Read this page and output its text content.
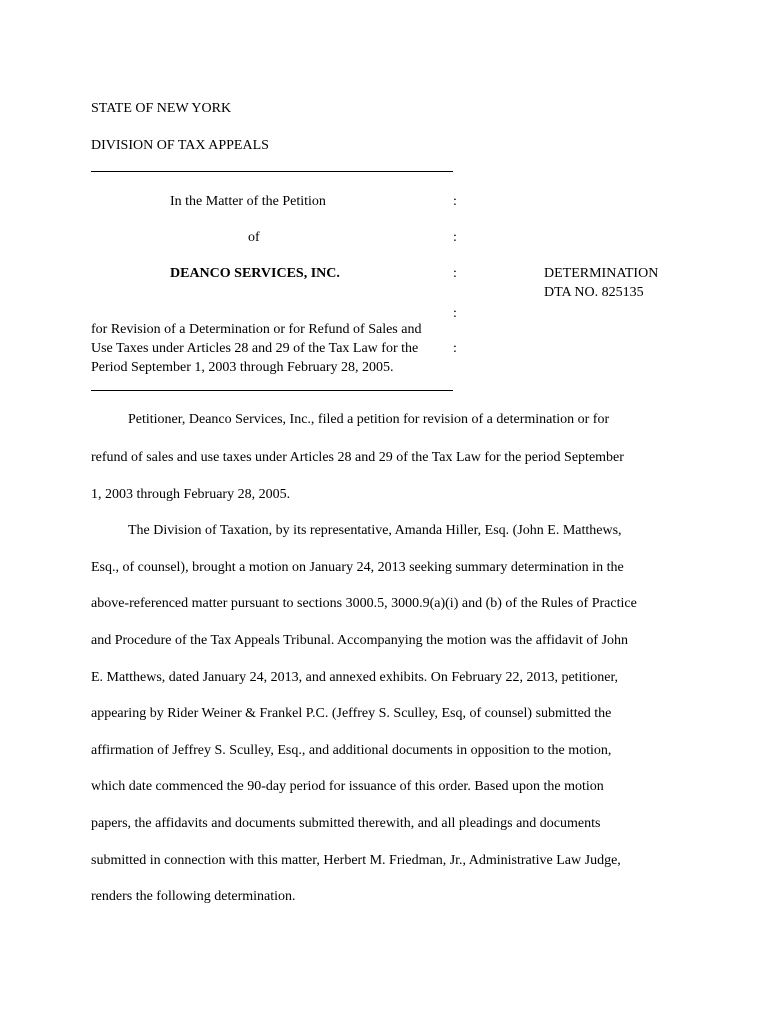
STATE OF NEW YORK
DIVISION OF TAX APPEALS
In the Matter of the Petition	:
of	:
DEANCO SERVICES, INC.	:	DETERMINATION
DTA NO. 825135
:
for Revision of a Determination or for Refund of Sales and
Use Taxes under Articles 28 and 29 of the Tax Law for the :
Period September 1, 2003 through February 28, 2005.
Petitioner, Deanco Services, Inc., filed a petition for revision of a determination or for
refund of sales and use taxes under Articles 28 and 29 of the Tax Law for the period September
1, 2003 through February 28, 2005.
The Division of Taxation, by its representative, Amanda Hiller, Esq. (John E. Matthews,
Esq., of counsel), brought a motion on January 24, 2013 seeking summary determination in the
above-referenced matter pursuant to sections 3000.5, 3000.9(a)(i) and (b) of the Rules of Practice
and Procedure of the Tax Appeals Tribunal. Accompanying the motion was the affidavit of John
E. Matthews, dated January 24, 2013, and annexed exhibits. On February 22, 2013, petitioner,
appearing by Rider Weiner & Frankel P.C. (Jeffrey S. Sculley, Esq, of counsel) submitted the
affirmation of Jeffrey S. Sculley, Esq., and additional documents in opposition to the motion,
which date commenced the 90-day period for issuance of this order. Based upon the motion
papers, the affidavits and documents submitted therewith, and all pleadings and documents
submitted in connection with this matter, Herbert M. Friedman, Jr., Administrative Law Judge,
renders the following determination.
